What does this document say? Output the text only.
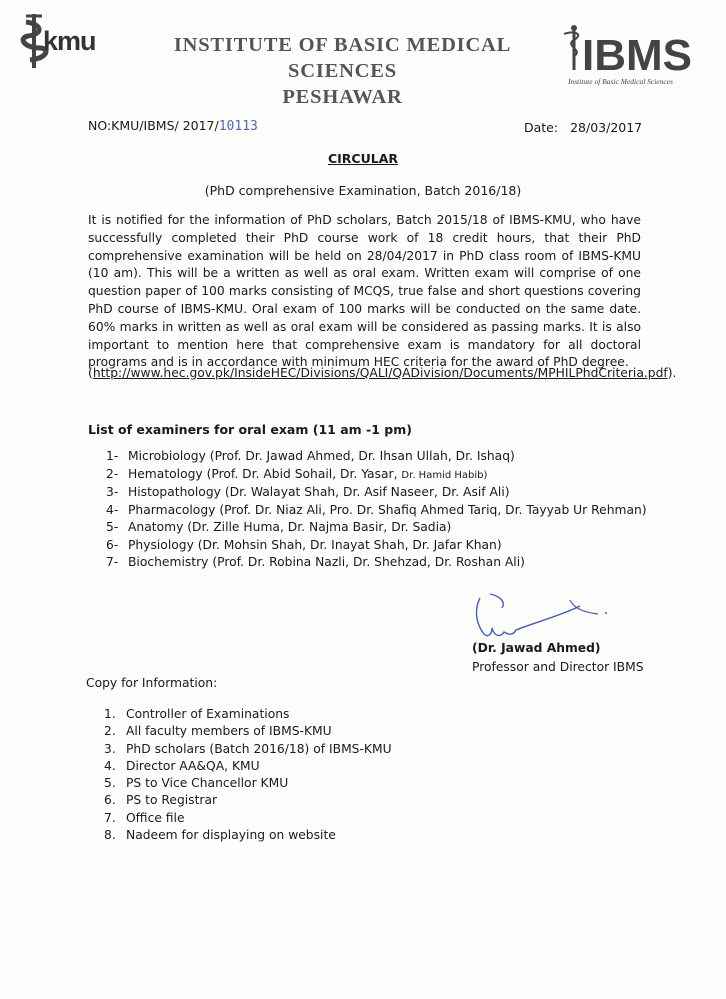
kmu	INSTITUTE OF BASIC MEDICAL SCIENCES
PESHAWAR
IBMS
Institute of Basic Medical Sciences
NO:KMU/IBMS/ 2017/10113	Date: 28/03/2017
CIRCULAR
(PhD comprehensive Examination, Batch 2016/18)
It is notified for the information of PhD scholars, Batch 2015/18 of IBMS-KMU, who have successfully completed their PhD course work of 18 credit hours, that their PhD comprehensive examination will be held on 28/04/2017 in PhD class room of IBMS-KMU (10 am). This will be a written as well as oral exam. Written exam will comprise of one question paper of 100 marks consisting of MCQS, true false and short questions covering PhD course of IBMS-KMU. Oral exam of 100 marks will be conducted on the same date. 60% marks in written as well as oral exam will be considered as passing marks. It is also important to mention here that comprehensive exam is mandatory for all doctoral programs and is in accordance with minimum HEC criteria for the award of PhD degree.
(http://www.hec.gov.pk/InsideHEC/Divisions/QALI/QADivision/Documents/MPHILPhdCriteria.pdf).
List of examiners for oral exam (11 am -1 pm)
1- Microbiology (Prof. Dr. Jawad Ahmed, Dr. Ihsan Ullah, Dr. Ishaq)
2- Hematology (Prof. Dr. Abid Sohail, Dr. Yasar, Dr. Hamid Habib)
3- Histopathology (Dr. Walayat Shah, Dr. Asif Naseer, Dr. Asif Ali)
4- Pharmacology (Prof. Dr. Niaz Ali, Pro. Dr. Shafiq Ahmed Tariq, Dr. Tayyab Ur Rehman)
5- Anatomy (Dr. Zille Huma, Dr. Najma Basir, Dr. Sadia)
6- Physiology (Dr. Mohsin Shah, Dr. Inayat Shah, Dr. Jafar Khan)
7- Biochemistry (Prof. Dr. Robina Nazli, Dr. Shehzad, Dr. Roshan Ali)
(Dr. Jawad Ahmed)
Professor and Director IBMS
Copy for Information:
1. Controller of Examinations
2. All faculty members of IBMS-KMU
3. PhD scholars (Batch 2016/18) of IBMS-KMU
4. Director AA&QA, KMU
5. PS to Vice Chancellor KMU
6. PS to Registrar
7. Office file
8. Nadeem for displaying on website
